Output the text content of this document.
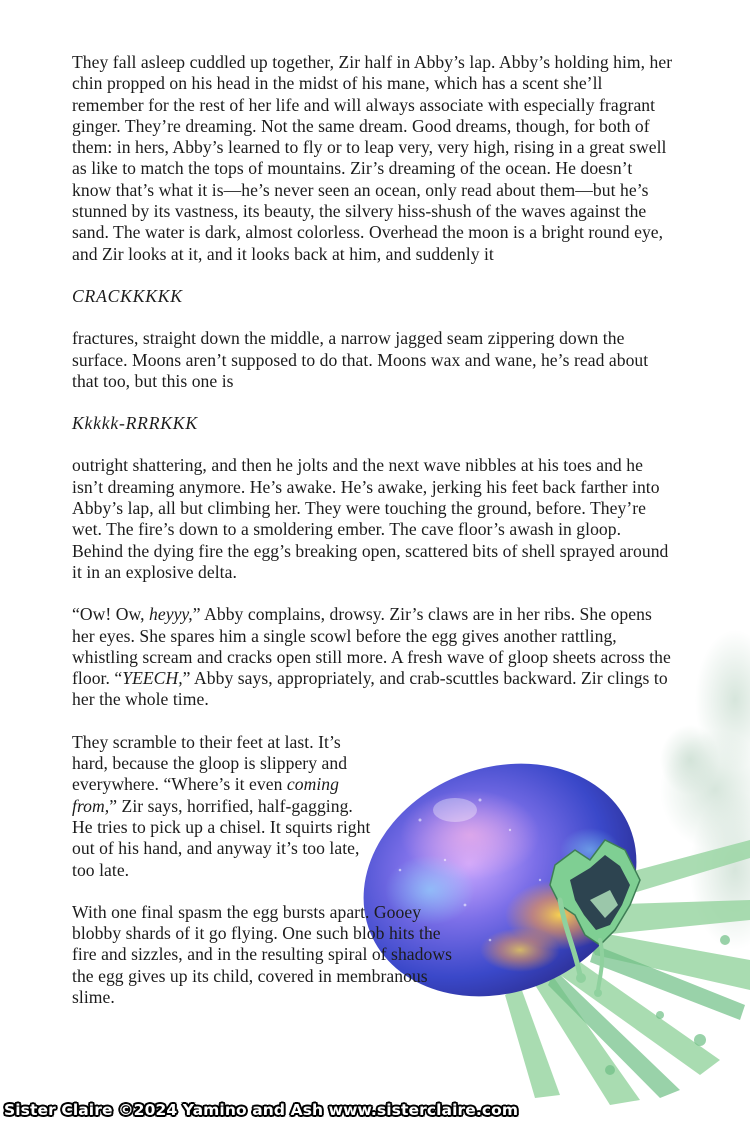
They fall asleep cuddled up together, Zir half in Abby’s lap. Abby’s holding him, her chin propped on his head in the midst of his mane, which has a scent she’ll remember for the rest of her life and will always associate with especially fragrant ginger. They’re dreaming. Not the same dream. Good dreams, though, for both of them: in hers, Abby’s learned to fly or to leap very, very high, rising in a great swell as like to match the tops of mountains. Zir’s dreaming of the ocean. He doesn’t know that’s what it is—he’s never seen an ocean, only read about them—but he’s stunned by its vastness, its beauty, the silvery hiss-shush of the waves against the sand. The water is dark, almost colorless. Overhead the moon is a bright round eye, and Zir looks at it, and it looks back at him, and suddenly it

CRACKKKKK

fractures, straight down the middle, a narrow jagged seam zippering down the surface. Moons aren’t supposed to do that. Moons wax and wane, he’s read about that too, but this one is

Kkkkk-RRRKKK

outright shattering, and then he jolts and the next wave nibbles at his toes and he isn’t dreaming anymore. He’s awake. He’s awake, jerking his feet back farther into Abby’s lap, all but climbing her. They were touching the ground, before. They’re wet. The fire’s down to a smoldering ember. The cave floor’s awash in gloop. Behind the dying fire the egg’s breaking open, scattered bits of shell sprayed around it in an explosive delta.

“Ow! Ow, heyyy,” Abby complains, drowsy. Zir’s claws are in her ribs. She opens her eyes. She spares him a single scowl before the egg gives another rattling, whistling scream and cracks open still more. A fresh wave of gloop sheets across the floor. “YEECH,” Abby says, appropriately, and crab-scuttles backward. Zir clings to her the whole time.

They scramble to their feet at last. It’s hard, because the gloop is slippery and everywhere. “Where’s it even coming from,” Zir says, horrified, half-gagging. He tries to pick up a chisel. It squirts right out of his hand, and anyway it’s too late, too late.

With one final spasm the egg bursts apart. Gooey blobby shards of it go flying. One such blob hits the fire and sizzles, and in the resulting spiral of shadows the egg gives up its child, covered in membranous slime.

Sister Claire ©2024 Yamino and Ash www.sisterclaire.com
